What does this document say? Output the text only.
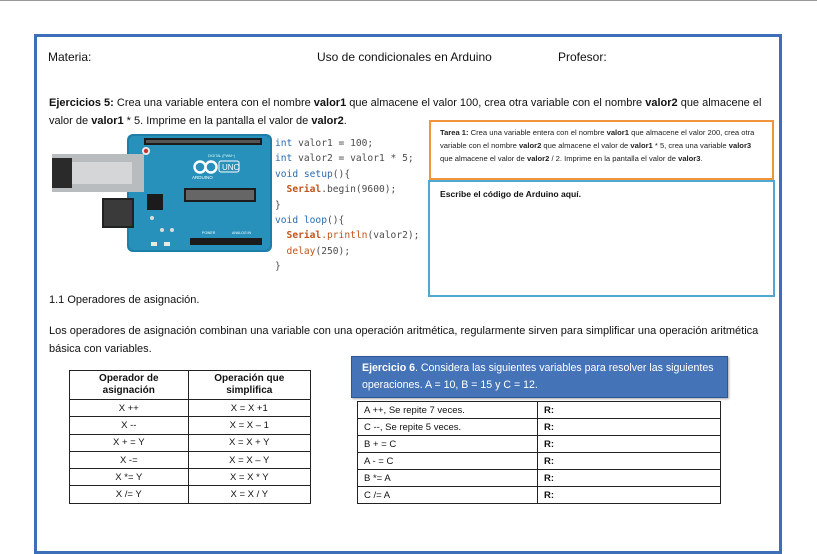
Materia:	Uso de condicionales en Arduino	Profesor:
Ejercicios 5: Crea una variable entera con el nombre valor1 que almacene el valor 100, crea otra variable con el nombre valor2 que almacene el valor de valor1 * 5. Imprime en la pantalla el valor de valor2.
UNO
ARDUINO
DIGITAL (PWM~)
POWER	ANALOG IN
int valor1 = 100;
int valor2 = valor1 * 5;
void setup(){
Serial.begin(9600);
}
void loop(){
Serial.println(valor2);
delay(250);
}
Tarea 1: Crea una variable entera con el nombre valor1 que almacene el valor 200, crea otra variable con el nombre valor2 que almacene el valor de valor1 * 5, crea una variable valor3 que almacene el valor de valor2 / 2. Imprime en la pantalla el valor de valor3.
Escribe el código de Arduino aquí.
1.1 Operadores de asignación.
Los operadores de asignación combinan una variable con una operación aritmética, regularmente sirven para simplificar una operación aritmética básica con variables.
Operador de asignación	Operación que simplifica
X ++	X = X +1
X --	X = X – 1
X + = Y	X = X + Y
X -=	X = X – Y
X *= Y	X = X * Y
X /= Y	X = X / Y
Ejercicio 6. Considera las siguientes variables para resolver las siguientes operaciones. A = 10, B = 15 y C = 12.
A ++, Se repite 7 veces.	R:
C --, Se repite 5 veces.	R:
B + = C	R:
A - = C	R:
B *= A	R:
C /= A	R:
